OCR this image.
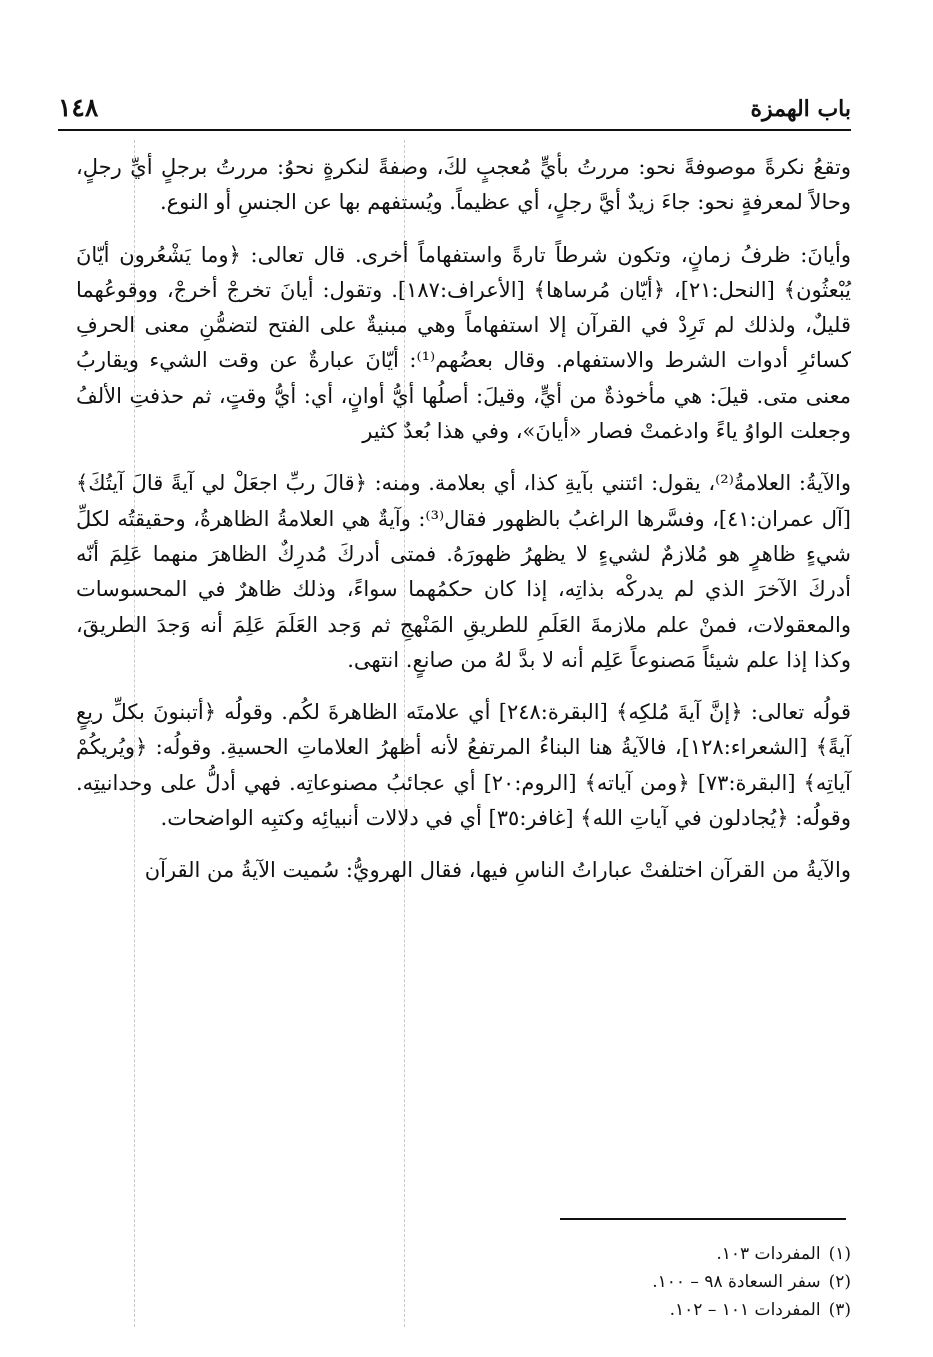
باب الهمزة
١٤٨

وتقعُ نكرةً موصوفةً نحو: مررتُ بأيٍّ مُعجبٍ لكَ، وصفةً لنكرةٍ نحوُ: مررتُ برجلٍ أيِّ رجلٍ، وحالاً لمعرفةٍ نحو: جاءَ زيدٌ أيَّ رجلٍ، أي عظيماً. ويُستفهم بها عن الجنسِ أو النوع.

وأيانَ: ظرفُ زمانٍ، وتكون شرطاً تارةً واستفهاماً أخرى. قال تعالى: ﴿وما يَشْعُرون أيّانَ يُبْعثُون﴾ [النحل:٢١]، ﴿أيّان مُرساها﴾ [الأعراف:١٨٧]. وتقول: أيانَ تخرجْ أخرجْ، ووقوعُهما قليلٌ، ولذلك لم تَرِدْ في القرآن إلا استفهاماً وهي مبنيةٌ على الفتح لتضمُّنِ معنى الحرفِ كسائرِ أدوات الشرط والاستفهام. وقال بعضُهم⁽¹⁾: أيّانَ عبارةٌ عن وقت الشيء ويقاربُ معنى متى. قيلَ: هي مأخوذةٌ من أيٍّ، وقيلَ: أصلُها أيُّ أوانٍ، أي: أيُّ وقتٍ، ثم حذفتِ الألفُ وجعلت الواوُ ياءً وادغمتْ فصار «أيانَ»، وفي هذا بُعدٌ كثير

والآيةُ: العلامةُ⁽²⁾، يقول: ائتني بآيةِ كذا، أي بعلامة. ومنه: ﴿قالَ ربِّ اجعَلْ لي آيةً قالَ آيتُكَ﴾ [آل عمران:٤١]، وفسَّرها الراغبُ بالظهور فقال⁽³⁾: وآيةٌ هي العلامةُ الظاهرةُ، وحقيقتُه لكلِّ شيءٍ ظاهرٍ هو مُلازمٌ لشيءٍ لا يظهرُ ظهورَهُ. فمتى أدركَ مُدرِكٌ الظاهرَ منهما عَلِمَ أنّه أدركَ الآخرَ الذي لم يدركْه بذاتِه، إذا كان حكمُهما سواءً، وذلك ظاهرٌ في المحسوسات والمعقولات، فمنْ علم ملازمةَ العَلَمِ للطريقِ المَنْهجِ ثم وَجد العَلَمَ عَلِمَ أنه وَجدَ الطريقَ، وكذا إذا علم شيئاً مَصنوعاً عَلِم أنه لا بدَّ لهُ من صانعٍ. انتهى.

قولُه تعالى: ﴿إنَّ آيةَ مُلكِه﴾ [البقرة:٢٤٨] أي علامتَه الظاهرةَ لكُم. وقولُه ﴿أتبنونَ بكلِّ ريعٍ آيةً﴾ [الشعراء:١٢٨]، فالآيةُ هنا البناءُ المرتفعُ لأنه أظهرُ العلاماتِ الحسيةِ. وقولُه: ﴿ويُريكُمْ آياتِه﴾ [البقرة:٧٣] ﴿ومن آياته﴾ [الروم:٢٠] أي عجائبُ مصنوعاتِه. فهي أدلُّ على وحدانيتِه. وقولُه: ﴿يُجادلون في آياتِ الله﴾ [غافر:٣٥] أي في دلالات أنبيائِه وكتبِه الواضحات.

والآيةُ من القرآن اختلفتْ عباراتُ الناسِ فيها، فقال الهرويُّ: سُميت الآيةُ من القرآن

(١)
المفردات ١٠٣.
(٢)
سفر السعادة ٩٨ – ١٠٠.
(٣)
المفردات ١٠١ – ١٠٢.
